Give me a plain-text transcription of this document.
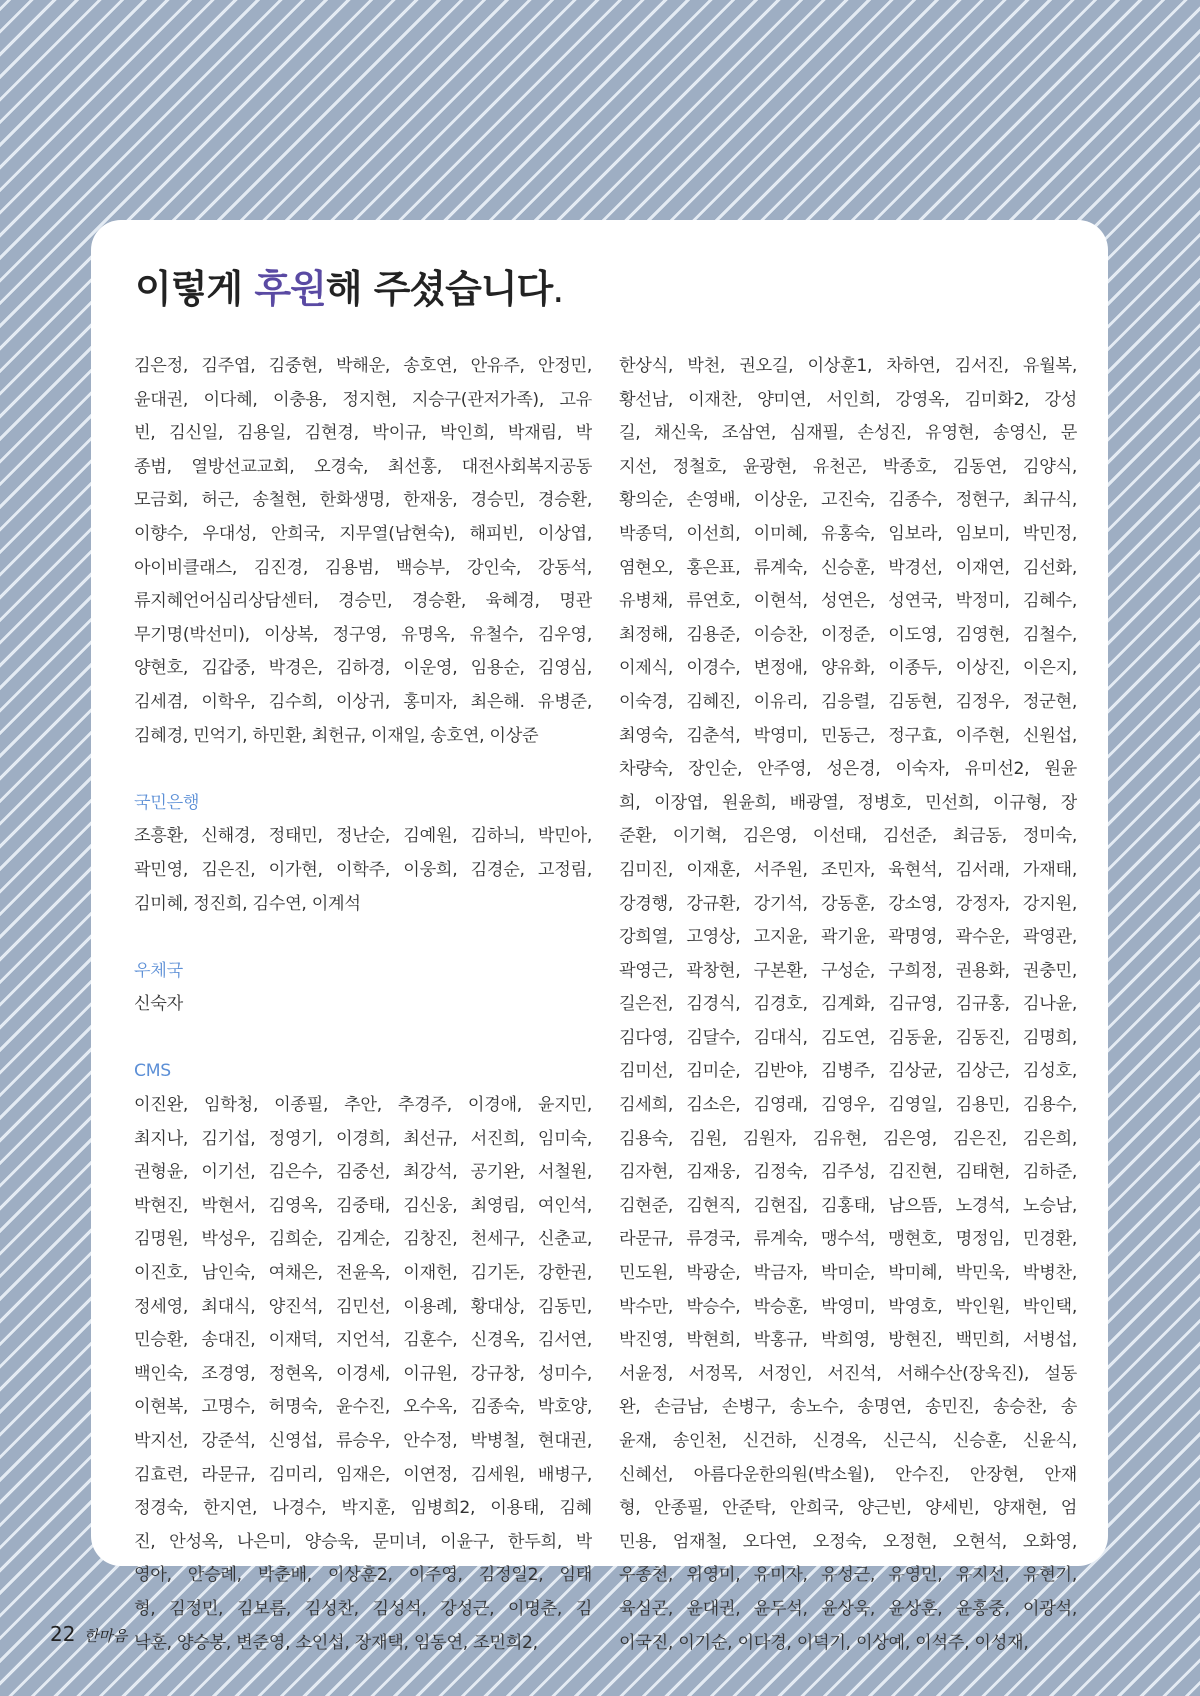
이렇게 후원해 주셨습니다.
김은정, 김주엽, 김중현, 박해운, 송호연, 안유주, 안정민,
윤대권, 이다혜, 이충용, 정지현, 지승구(관저가족), 고유
빈, 김신일, 김용일, 김현경, 박이규, 박인희, 박재림, 박
종범, 열방선교교회, 오경숙, 최선홍, 대전사회복지공동
모금회, 허근, 송철현, 한화생명, 한재웅, 경승민, 경승환,
이향수, 우대성, 안희국, 지무열(남현숙), 해피빈, 이상엽,
아이비클래스, 김진경, 김용범, 백승부, 강인숙, 강동석,
류지혜언어심리상담센터, 경승민, 경승환, 육혜경, 명관
무기명(박선미), 이상복, 정구영, 유명옥, 유철수, 김우영,
양현호, 김갑중, 박경은, 김하경, 이운영, 임용순, 김영심,
김세겸, 이학우, 김수희, 이상귀, 홍미자, 최은해. 유병준,
김혜경, 민억기, 하민환, 최헌규, 이재일, 송호연, 이상준
국민은행
조흥환, 신해경, 정태민, 정난순, 김예원, 김하늬, 박민아,
곽민영, 김은진, 이가현, 이학주, 이웅희, 김경순, 고정림,
김미혜, 정진희, 김수연, 이계석
우체국
신숙자
CMS
이진완, 임학청, 이종필, 추안, 추경주, 이경애, 윤지민,
최지나, 김기섭, 정영기, 이경희, 최선규, 서진희, 임미숙,
권형윤, 이기선, 김은수, 김중선, 최강석, 공기완, 서철원,
박현진, 박현서, 김영옥, 김중태, 김신웅, 최영림, 여인석,
김명원, 박성우, 김희순, 김계순, 김창진, 천세구, 신춘교,
이진호, 남인숙, 여채은, 전윤옥, 이재헌, 김기돈, 강한권,
정세영, 최대식, 양진석, 김민선, 이용례, 황대상, 김동민,
민승환, 송대진, 이재덕, 지언석, 김훈수, 신경옥, 김서연,
백인숙, 조경영, 정현옥, 이경세, 이규원, 강규창, 성미수,
이현복, 고명수, 허명숙, 윤수진, 오수옥, 김종숙, 박호양,
박지선, 강준석, 신영섭, 류승우, 안수정, 박병철, 현대권,
김효련, 라문규, 김미리, 임재은, 이연정, 김세원, 배병구,
정경숙, 한지연, 나경수, 박지훈, 임병희2, 이용태, 김혜
진, 안성옥, 나은미, 양승욱, 문미녀, 이윤구, 한두희, 박
영아, 안승례, 박춘배, 이상훈2, 이주영, 김정일2, 임태
형, 김정민, 김보름, 김성찬, 김성석, 강성근, 이명춘, 김
낙훈, 양승봉, 변준영, 소인섭, 장재택, 임동연, 조민희2,
한상식, 박천, 권오길, 이상훈1, 차하연, 김서진, 유월복,
황선남, 이재찬, 양미연, 서인희, 강영옥, 김미화2, 강성
길, 채신욱, 조삼연, 심재필, 손성진, 유영현, 송영신, 문
지선, 정철호, 윤광현, 유천곤, 박종호, 김동연, 김양식,
황의순, 손영배, 이상운, 고진숙, 김종수, 정현구, 최규식,
박종덕, 이선희, 이미혜, 유홍숙, 임보라, 임보미, 박민정,
염현오, 홍은표, 류계숙, 신승훈, 박경선, 이재연, 김선화,
유병채, 류연호, 이현석, 성연은, 성연국, 박정미, 김혜수,
최정해, 김용준, 이승찬, 이정준, 이도영, 김영현, 김철수,
이제식, 이경수, 변정애, 양유화, 이종두, 이상진, 이은지,
이숙경, 김혜진, 이유리, 김응렬, 김동현, 김정우, 정군현,
최영숙, 김춘석, 박영미, 민동근, 정구효, 이주현, 신원섭,
차량숙, 장인순, 안주영, 성은경, 이숙자, 유미선2, 원윤
희, 이장엽, 원윤희, 배광열, 정병호, 민선희, 이규형, 장
준환, 이기혁, 김은영, 이선태, 김선준, 최금동, 정미숙,
김미진, 이재훈, 서주원, 조민자, 육현석, 김서래, 가재태,
강경행, 강규환, 강기석, 강동훈, 강소영, 강정자, 강지원,
강희열, 고영상, 고지윤, 곽기윤, 곽명영, 곽수운, 곽영관,
곽영근, 곽창현, 구본환, 구성순, 구희정, 권용화, 권충민,
길은전, 김경식, 김경호, 김계화, 김규영, 김규홍, 김나윤,
김다영, 김달수, 김대식, 김도연, 김동윤, 김동진, 김명희,
김미선, 김미순, 김반야, 김병주, 김상균, 김상근, 김성호,
김세희, 김소은, 김영래, 김영우, 김영일, 김용민, 김용수,
김용숙, 김원, 김원자, 김유현, 김은영, 김은진, 김은희,
김자현, 김재웅, 김정숙, 김주성, 김진현, 김태현, 김하준,
김현준, 김현직, 김현집, 김홍태, 남으뜸, 노경석, 노승남,
라문규, 류경국, 류계숙, 맹수석, 맹현호, 명정임, 민경환,
민도원, 박광순, 박금자, 박미순, 박미혜, 박민욱, 박병찬,
박수만, 박승수, 박승훈, 박영미, 박영호, 박인원, 박인택,
박진영, 박현희, 박홍규, 박희영, 방현진, 백민희, 서병섭,
서윤정, 서정목, 서정인, 서진석, 서해수산(장욱진), 설동
완, 손금남, 손병구, 송노수, 송명연, 송민진, 송승찬, 송
윤재, 송인천, 신건하, 신경옥, 신근식, 신승훈, 신윤식,
신혜선, 아름다운한의원(박소월), 안수진, 안장현, 안재
형, 안종필, 안준탁, 안희국, 양근빈, 양세빈, 양재현, 엄
민용, 엄재철, 오다연, 오정숙, 오정현, 오현석, 오화영,
우종천, 위영미, 유미자, 유성근, 유영민, 유지선, 유현기,
육심곤, 윤대권, 윤두석, 윤상욱, 윤상훈, 윤홍중, 이광석,
이국진, 이기순, 이다경, 이덕기, 이상예, 이석주, 이성재,
22 한마음
